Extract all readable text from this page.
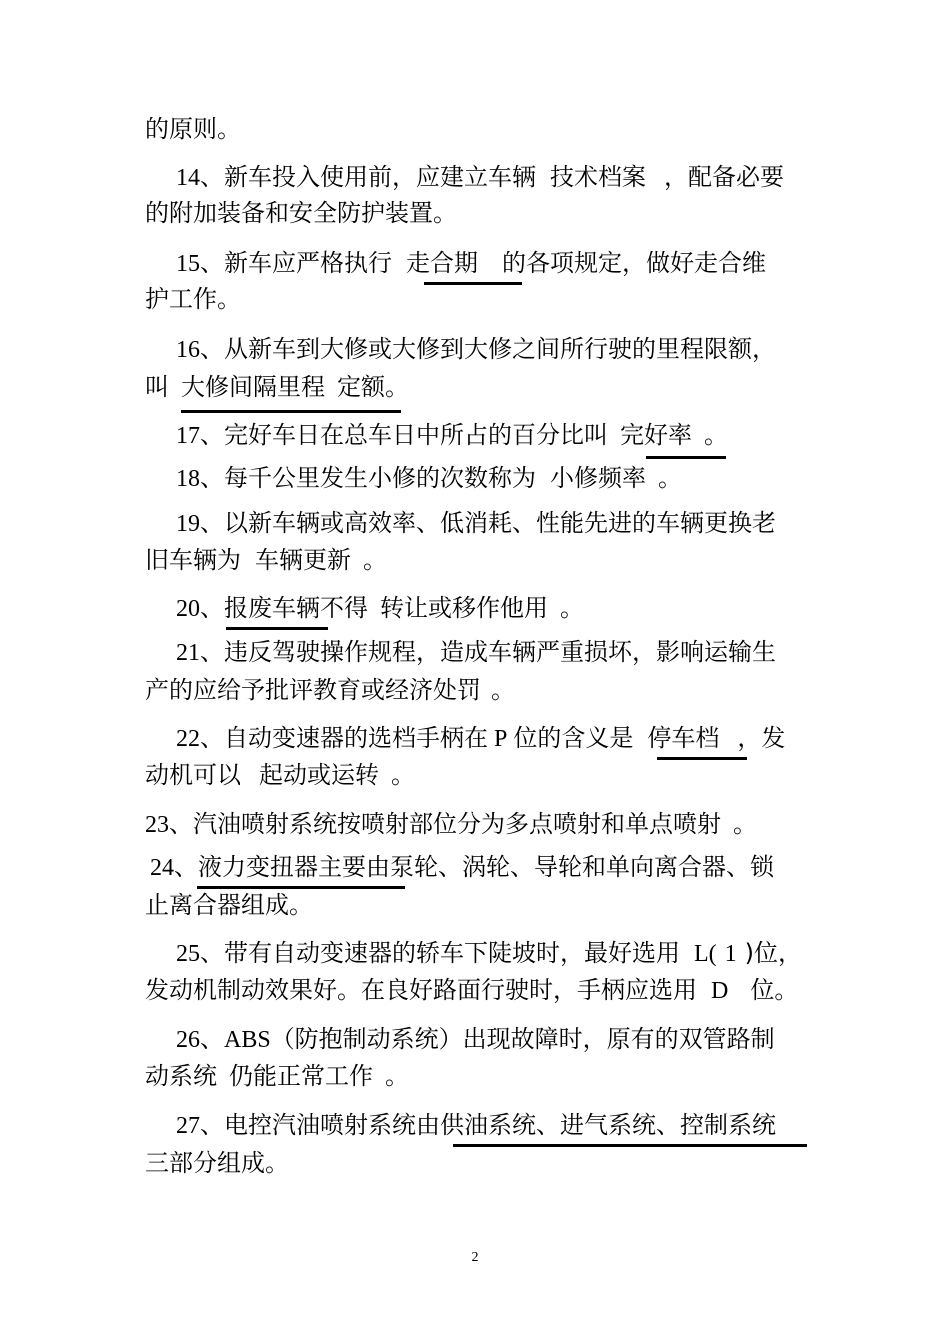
的原则。
14、新车投入使用前，应建立车辆 技术档案 ，配备必要
的附加装备和安全防护装置。
15、新车应严格执行 走合期 的各项规定，做好走合维
护工作。
16、从新车到大修或大修到大修之间所行驶的里程限额，
叫 大修间隔里程 定额。
17、完好车日在总车日中所占的百分比叫 完好率 。
18、每千公里发生小修的次数称为 小修频率 。
19、以新车辆或高效率、低消耗、性能先进的车辆更换老
旧车辆为 车辆更新 。
20、报废车辆不得 转让或移作他用 。
21、违反驾驶操作规程，造成车辆严重损坏，影响运输生
产的应给予批评教育或经济处罚 。
22、自动变速器的选档手柄在 P 位的含义是 停车档 ，发
动机可以 起动或运转 。
23、汽油喷射系统按喷射部位分为多点喷射和单点喷射 。
24、液力变扭器主要由泵轮、涡轮、导轮和单向离合器、锁
止离合器组成。
25、带有自动变速器的轿车下陡坡时，最好选用 L( 1 )位，
发动机制动效果好。在良好路面行驶时，手柄应选用 D 位。
26、ABS（防抱制动系统）出现故障时，原有的双管路制
动系统 仍能正常工作 。
27、电控汽油喷射系统由供油系统、进气系统、控制系统
三部分组成。
2
